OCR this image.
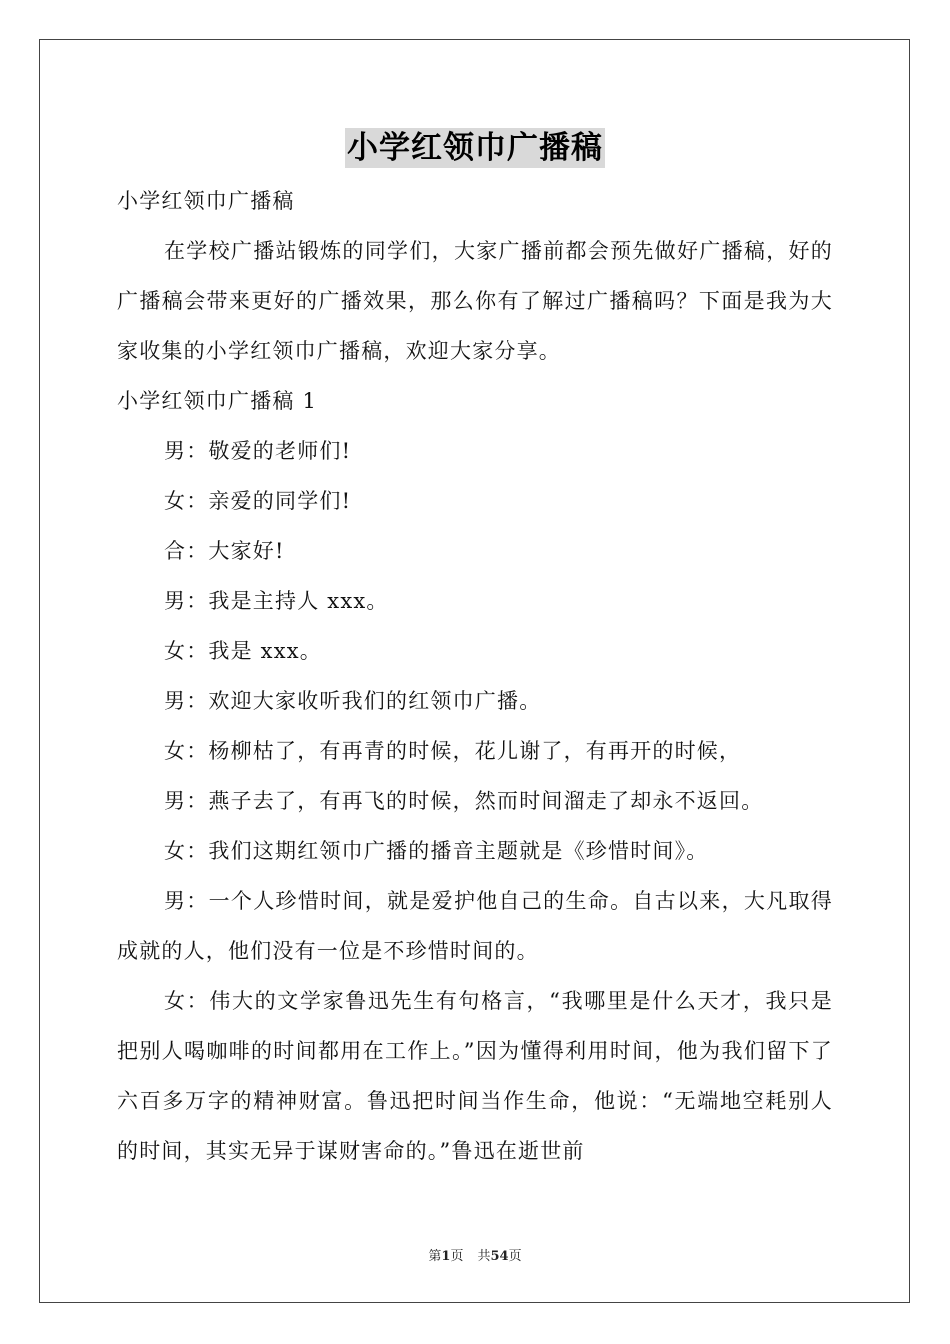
小学红领巾广播稿

小学红领巾广播稿

在学校广播站锻炼的同学们，大家广播前都会预先做好广播稿，好的广播稿会带来更好的广播效果，那么你有了解过广播稿吗？下面是我为大家收集的小学红领巾广播稿，欢迎大家分享。

小学红领巾广播稿 1

男：敬爱的老师们!

女：亲爱的同学们!

合：大家好!

男：我是主持人 xxx。

女：我是 xxx。

男：欢迎大家收听我们的红领巾广播。

女：杨柳枯了，有再青的时候，花儿谢了，有再开的时候，

男：燕子去了，有再飞的时候，然而时间溜走了却永不返回。

女：我们这期红领巾广播的播音主题就是《珍惜时间》。

男：一个人珍惜时间，就是爱护他自己的生命。自古以来，大凡取得成就的人，他们没有一位是不珍惜时间的。

女：伟大的文学家鲁迅先生有句格言，“我哪里是什么天才，我只是把别人喝咖啡的时间都用在工作上。”因为懂得利用时间，他为我们留下了六百多万字的精神财富。鲁迅把时间当作生命，他说：“无端地空耗别人的时间，其实无异于谋财害命的。”鲁迅在逝世前

第1页 共54页
